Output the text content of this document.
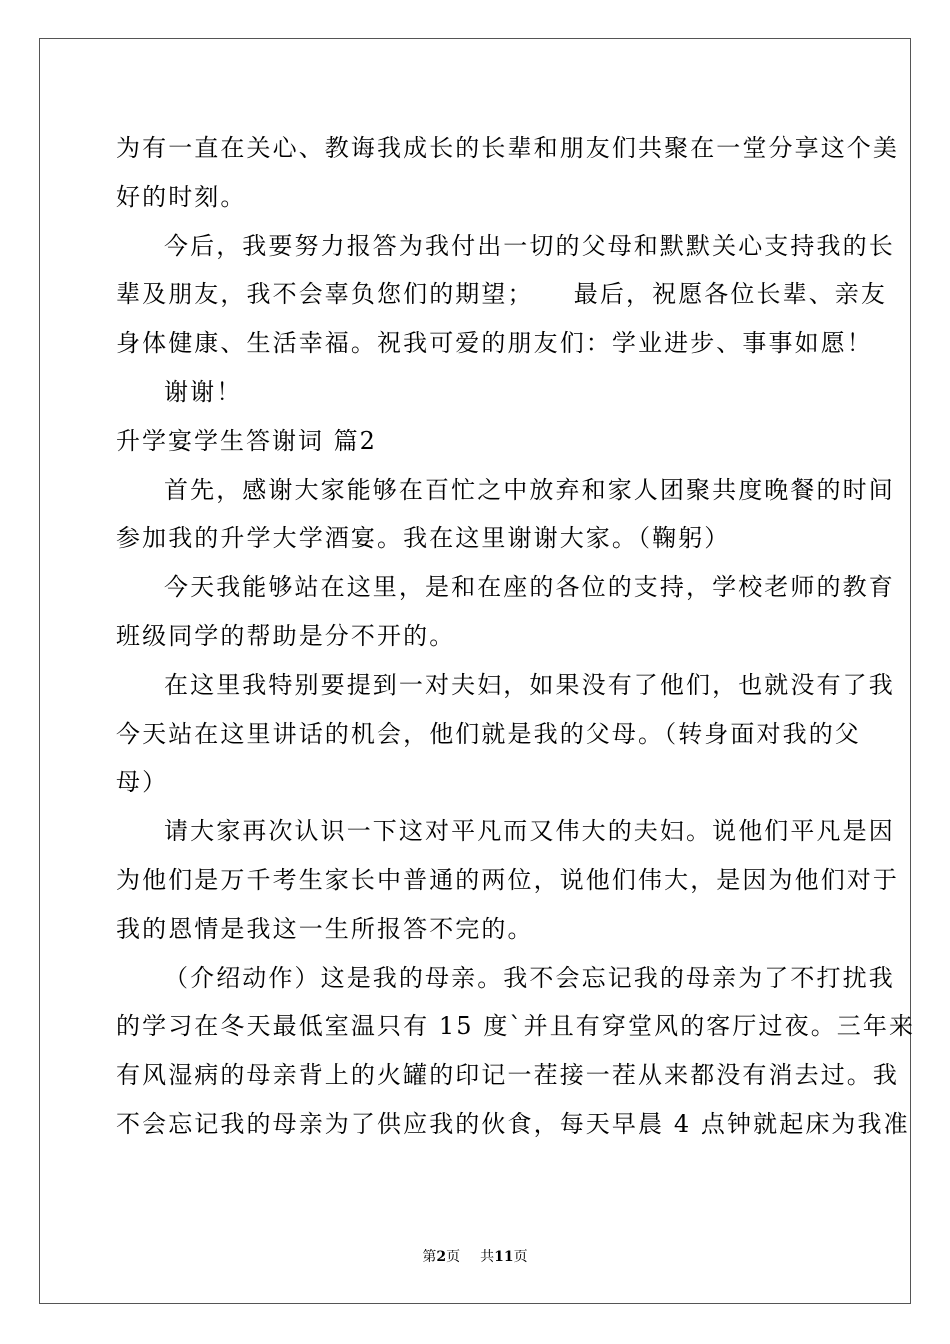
为有一直在关心、教诲我成长的长辈和朋友们共聚在一堂分享这个美
好的时刻。
今后，我要努力报答为我付出一切的父母和默默关心支持我的长
辈及朋友，我不会辜负您们的期望；　　最后，祝愿各位长辈、亲友
身体健康、生活幸福。祝我可爱的朋友们：学业进步、事事如愿！
谢谢！
升学宴学生答谢词 篇2
首先，感谢大家能够在百忙之中放弃和家人团聚共度晚餐的时间
参加我的升学大学酒宴。我在这里谢谢大家。（鞠躬）
今天我能够站在这里，是和在座的各位的支持，学校老师的教育
班级同学的帮助是分不开的。
在这里我特别要提到一对夫妇，如果没有了他们，也就没有了我
今天站在这里讲话的机会，他们就是我的父母。（转身面对我的父
母）
请大家再次认识一下这对平凡而又伟大的夫妇。说他们平凡是因
为他们是万千考生家长中普通的两位，说他们伟大，是因为他们对于
我的恩情是我这一生所报答不完的。
（介绍动作）这是我的母亲。我不会忘记我的母亲为了不打扰我
的学习在冬天最低室温只有 15 度`并且有穿堂风的客厅过夜。三年来
有风湿病的母亲背上的火罐的印记一茬接一茬从来都没有消去过。我
不会忘记我的母亲为了供应我的伙食，每天早晨 4 点钟就起床为我准
第2页 共11页
